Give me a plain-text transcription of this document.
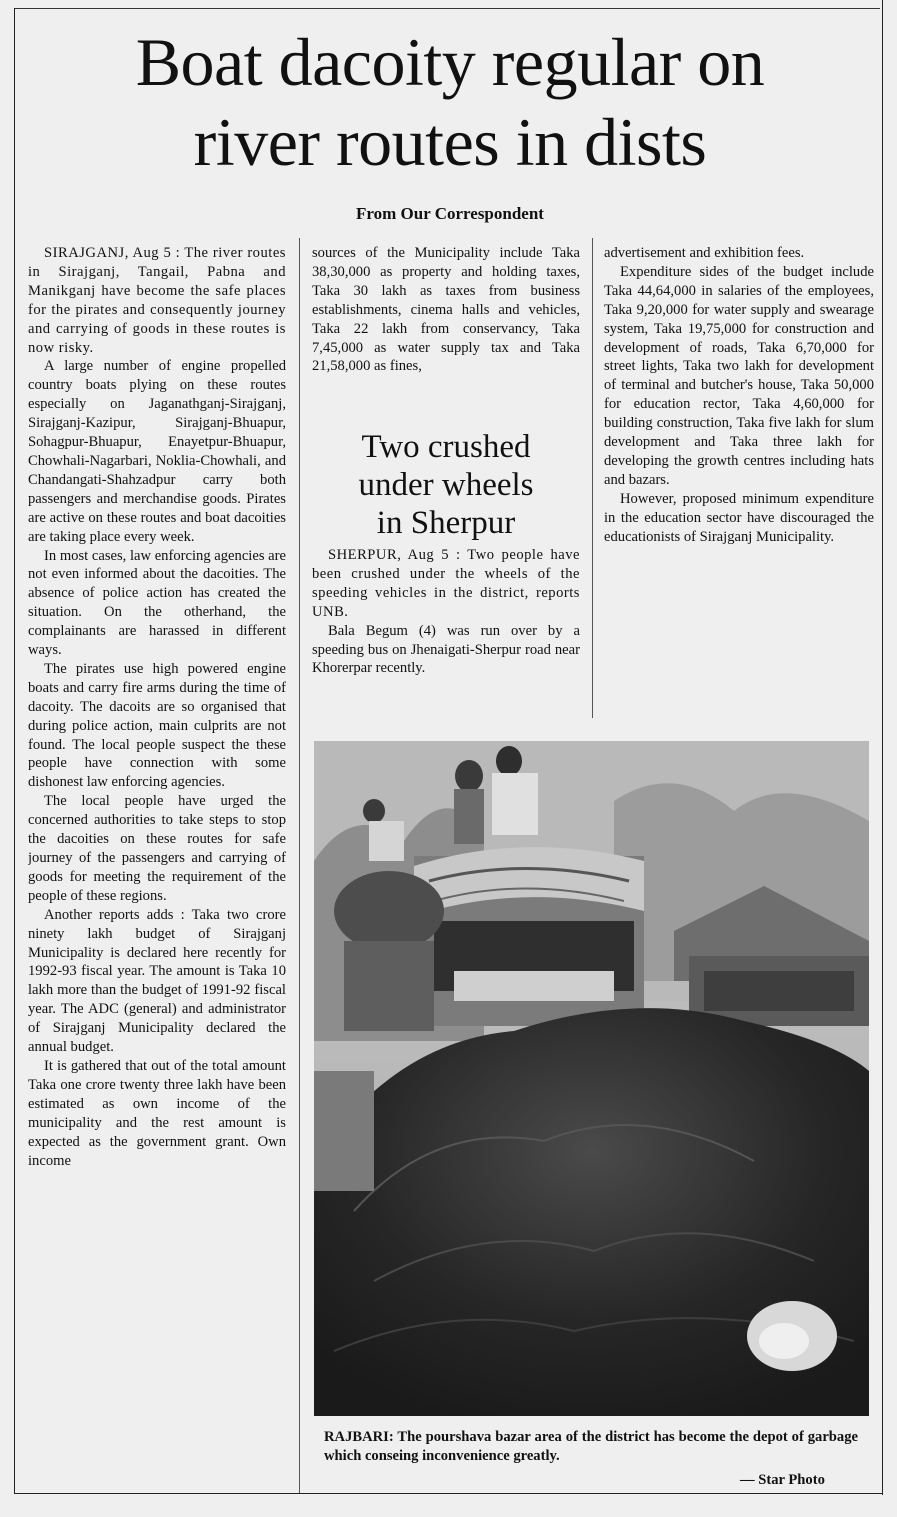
Boat dacoity regular on
river routes in dists
From Our Correspondent

SIRAJGANJ, Aug 5 : The river routes in Sirajganj, Tangail, Pabna and Manikganj have become the safe places for the pirates and consequently journey and carrying of goods in these routes is now risky.

A large number of engine propelled country boats plying on these routes especially on Jaganathganj-Sirajganj, Sirajganj-Kazipur, Sirajganj-Bhuapur, Sohagpur-Bhuapur, Enayetpur-Bhuapur, Chowhali-Nagarbari, Noklia-Chowhali, and Chandangati-Shahzadpur carry both passengers and merchandise goods. Pirates are active on these routes and boat dacoities are taking place every week.

In most cases, law enforcing agencies are not even informed about the dacoities. The absence of police action has created the situation. On the otherhand, the complainants are harassed in different ways.

The pirates use high powered engine boats and carry fire arms during the time of dacoity. The dacoits are so organised that during police action, main culprits are not found. The local people suspect the these people have connection with some dishonest law enforcing agencies.

The local people have urged the concerned authorities to take steps to stop the dacoities on these routes for safe journey of the passengers and carrying of goods for meeting the requirement of the people of these regions.

Another reports adds : Taka two crore ninety lakh budget of Sirajganj Municipality is declared here recently for 1992-93 fiscal year. The amount is Taka 10 lakh more than the budget of 1991-92 fiscal year. The ADC (general) and administrator of Sirajganj Municipality declared the annual budget.

It is gathered that out of the total amount Taka one crore twenty three lakh have been estimated as own income of the municipality and the rest amount is expected as the government grant. Own income

sources of the Municipality include Taka 38,30,000 as property and holding taxes, Taka 30 lakh as taxes from business establishments, cinema halls and vehicles, Taka 22 lakh from conservancy, Taka 7,45,000 as water supply tax and Taka 21,58,000 as fines,

Two crushed
under wheels
in Sherpur

SHERPUR, Aug 5 : Two people have been crushed under the wheels of the speeding vehicles in the district, reports UNB.

Bala Begum (4) was run over by a speeding bus on Jhenaigati-Sherpur road near Khorerpar recently.

advertisement and exhibition fees.

Expenditure sides of the budget include Taka 44,64,000 in salaries of the employees, Taka 9,20,000 for water supply and swearage system, Taka 19,75,000 for construction and development of roads, Taka 6,70,000 for street lights, Taka two lakh for development of terminal and butcher's house, Taka 50,000 for education rector, Taka 4,60,000 for building construction, Taka five lakh for slum development and Taka three lakh for developing the growth centres including hats and bazars.

However, proposed minimum expenditure in the education sector have discouraged the educationists of Sirajganj Municipality.

RAJBARI: The pourshava bazar area of the district has become the depot of garbage which conseing inconvenience greatly.

— Star Photo
